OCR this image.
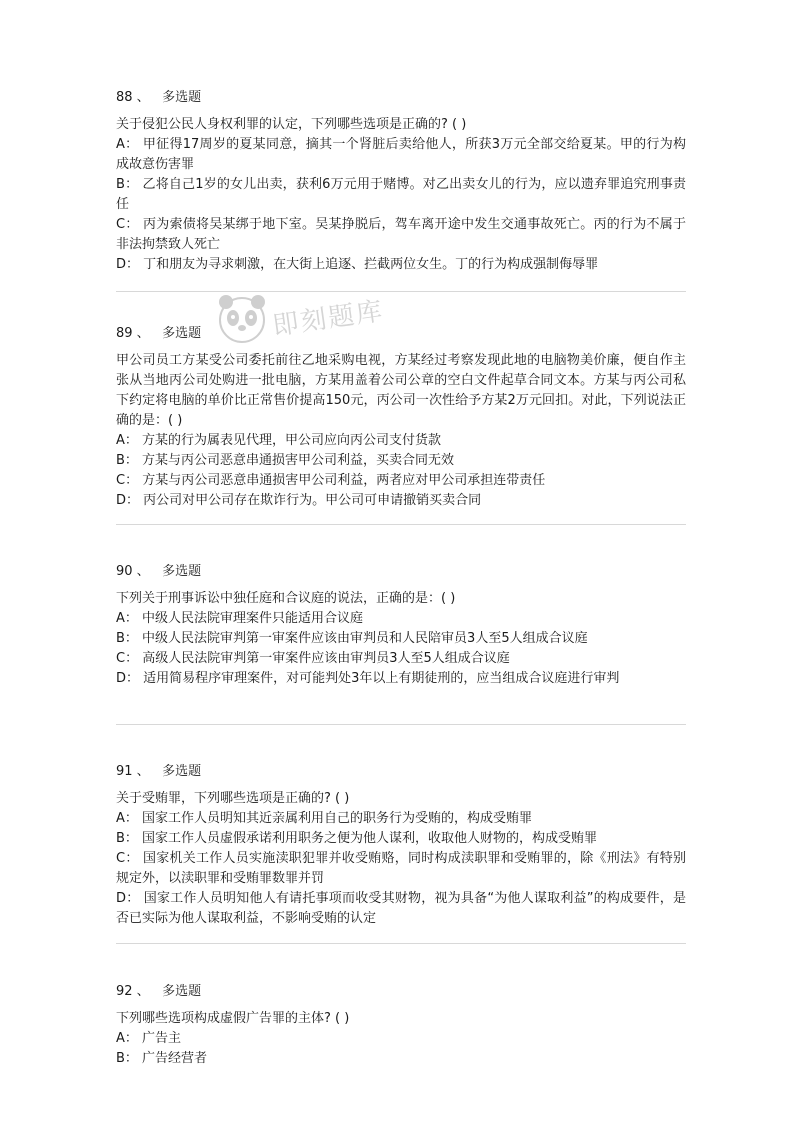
即刻题库
88 、 多选题

关于侵犯公民人身权利罪的认定，下列哪些选项是正确的? ( )

A： 甲征得17周岁的夏某同意，摘其一个肾脏后卖给他人，所获3万元全部交给夏某。甲的行为构成故意伤害罪

B： 乙将自己1岁的女儿出卖，获利6万元用于赌博。对乙出卖女儿的行为，应以遗弃罪追究刑事责任

C： 丙为索债将吴某绑于地下室。吴某挣脱后，驾车离开途中发生交通事故死亡。丙的行为不属于非法拘禁致人死亡

D： 丁和朋友为寻求刺激，在大街上追逐、拦截两位女生。丁的行为构成强制侮辱罪

89 、 多选题

甲公司员工方某受公司委托前往乙地采购电视，方某经过考察发现此地的电脑物美价廉，便自作主张从当地丙公司处购进一批电脑，方某用盖着公司公章的空白文件起草合同文本。方某与丙公司私下约定将电脑的单价比正常售价提高150元，丙公司一次性给予方某2万元回扣。对此，下列说法正确的是：( )

A： 方某的行为属表见代理，甲公司应向丙公司支付货款

B： 方某与丙公司恶意串通损害甲公司利益，买卖合同无效

C： 方某与丙公司恶意串通损害甲公司利益，两者应对甲公司承担连带责任

D： 丙公司对甲公司存在欺诈行为。甲公司可申请撤销买卖合同

90 、 多选题

下列关于刑事诉讼中独任庭和合议庭的说法，正确的是：( )

A： 中级人民法院审理案件只能适用合议庭

B： 中级人民法院审判第一审案件应该由审判员和人民陪审员3人至5人组成合议庭

C： 高级人民法院审判第一审案件应该由审判员3人至5人组成合议庭

D： 适用简易程序审理案件，对可能判处3年以上有期徒刑的，应当组成合议庭进行审判

91 、 多选题

关于受贿罪，下列哪些选项是正确的? ( )

A： 国家工作人员明知其近亲属利用自己的职务行为受贿的，构成受贿罪

B： 国家工作人员虚假承诺利用职务之便为他人谋利，收取他人财物的，构成受贿罪

C： 国家机关工作人员实施渎职犯罪并收受贿赂，同时构成渎职罪和受贿罪的，除《刑法》有特别规定外，以渎职罪和受贿罪数罪并罚

D： 国家工作人员明知他人有请托事项而收受其财物，视为具备“为他人谋取利益”的构成要件，是否已实际为他人谋取利益，不影响受贿的认定

92 、 多选题

下列哪些选项构成虚假广告罪的主体? ( )

A： 广告主

B： 广告经营者
